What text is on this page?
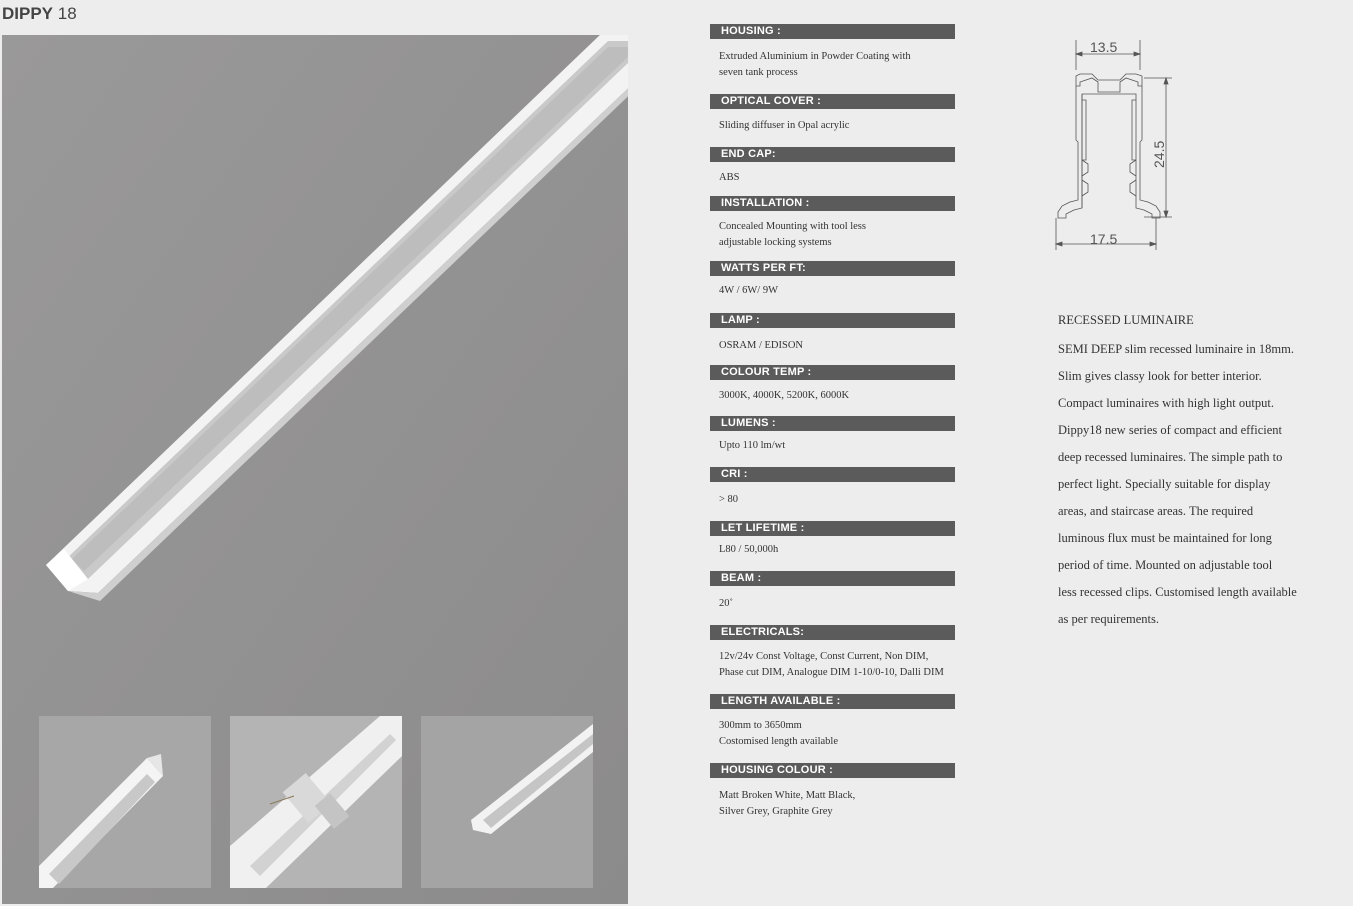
DIPPY 18
HOUSING :
Extruded Aluminium in Powder Coating with
seven tank process
OPTICAL COVER :
Sliding diffuser in Opal acrylic
END CAP:
ABS
INSTALLATION :
Concealed Mounting with tool less
adjustable locking systems
WATTS PER FT:
4W / 6W/ 9W
LAMP :
OSRAM / EDISON
COLOUR TEMP :
3000K, 4000K, 5200K, 6000K
LUMENS :
Upto 110 lm/wt
CRI :
> 80
LET LIFETIME :
L80 / 50,000h
BEAM :
20˚
ELECTRICALS:
12v/24v Const Voltage, Const Current, Non DIM,
Phase cut DIM, Analogue DIM 1-10/0-10, Dalli DIM
LENGTH AVAILABLE :
300mm to 3650mm
Costomised length available
HOUSING COLOUR :
Matt Broken White, Matt Black,
Silver Grey, Graphite Grey
13.5
17.5
24.5
RECESSED LUMINAIRE
SEMI DEEP slim recessed luminaire in 18mm.
Slim gives classy look for better interior.
Compact luminaires with high light output.
Dippy18 new series of compact and efficient
deep recessed luminaires. The simple path to
perfect light. Specially suitable for display
areas, and staircase areas. The required
luminous flux must be maintained for long
period of time. Mounted on adjustable tool
less recessed clips. Customised length available
as per requirements.
